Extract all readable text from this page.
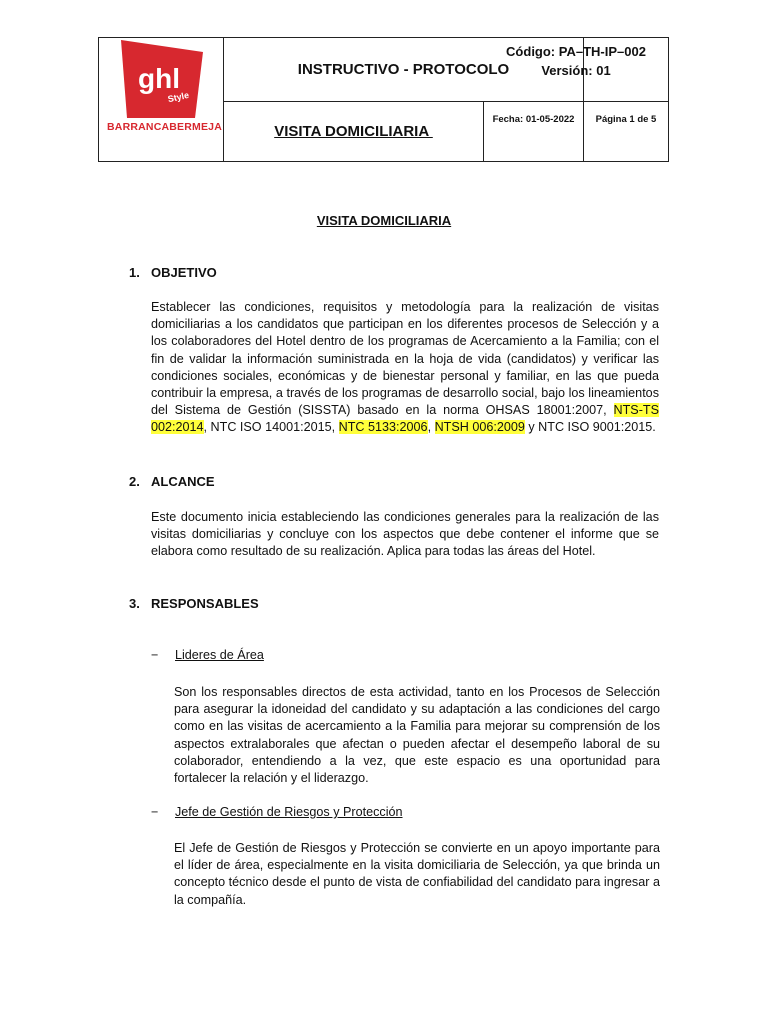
ghl
Style
BARRANCABERMEJA
INSTRUCTIVO - PROTOCOLO
Código: PA–TH-IP–002
Versión: 01
VISITA DOMICILIARIA
Fecha: 01-05-2022	Página 1 de 5
VISITA DOMICILIARIA
1. OBJETIVO
Establecer las condiciones, requisitos y metodología para la realización de visitas domiciliarias a los candidatos que participan en los diferentes procesos de Selección y a los colaboradores del Hotel dentro de los programas de Acercamiento a la Familia; con el fin de validar la información suministrada en la hoja de vida (candidatos) y verificar las condiciones sociales, económicas y de bienestar personal y familiar, en las que pueda contribuir la empresa, a través de los programas de desarrollo social, bajo los lineamientos del Sistema de Gestión (SISSTA) basado en la norma OHSAS 18001:2007, NTS-TS 002:2014, NTC ISO 14001:2015, NTC 5133:2006, NTSH 006:2009 y NTC ISO 9001:2015.
2. ALCANCE
Este documento inicia estableciendo las condiciones generales para la realización de las visitas domiciliarias y concluye con los aspectos que debe contener el informe que se elabora como resultado de su realización. Aplica para todas las áreas del Hotel.
3. RESPONSABLES
− Lideres de Área
Son los responsables directos de esta actividad, tanto en los Procesos de Selección para asegurar la idoneidad del candidato y su adaptación a las condiciones del cargo como en las visitas de acercamiento a la Familia para mejorar su comprensión de los aspectos extralaborales que afectan o pueden afectar el desempeño laboral de su colaborador, entendiendo a la vez, que este espacio es una oportunidad para fortalecer la relación y el liderazgo.
− Jefe de Gestión de Riesgos y Protección
El Jefe de Gestión de Riesgos y Protección se convierte en un apoyo importante para el líder de área, especialmente en la visita domiciliaria de Selección, ya que brinda un concepto técnico desde el punto de vista de confiabilidad del candidato para ingresar a la compañía.
